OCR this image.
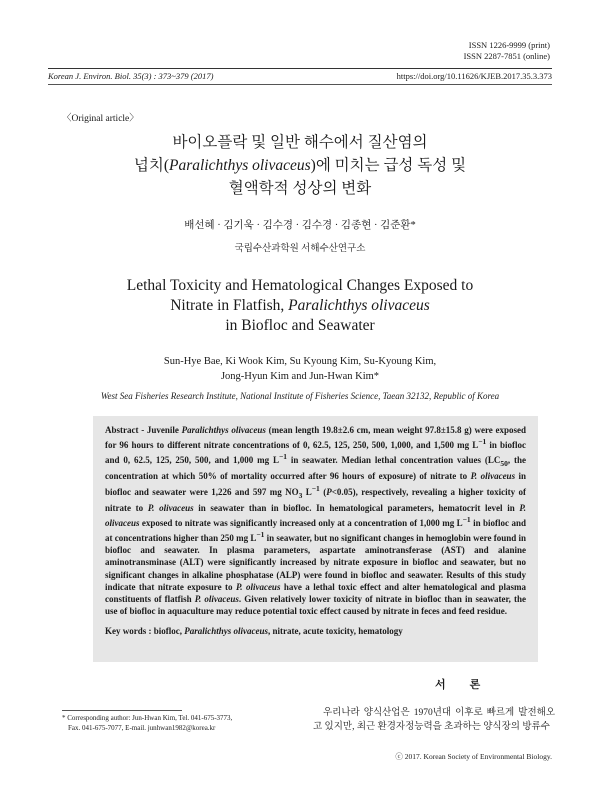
ISSN 1226-9999 (print)
ISSN 2287-7851 (online)
Korean J. Environ. Biol. 35(3) : 373~379 (2017)	https://doi.org/10.11626/KJEB.2017.35.3.373
〈Original article〉
바이오플락 및 일반 해수에서 질산염의
넙치(Paralichthys olivaceus)에 미치는 급성 독성 및
혈액학적 성상의 변화
배선혜 · 김기욱 · 김수경 · 김수경 · 김종현 · 김준환*
국립수산과학원 서해수산연구소
Lethal Toxicity and Hematological Changes Exposed to
Nitrate in Flatfish, Paralichthys olivaceus
in Biofloc and Seawater
Sun-Hye Bae, Ki Wook Kim, Su Kyoung Kim, Su-Kyoung Kim,
Jong-Hyun Kim and Jun-Hwan Kim*
West Sea Fisheries Research Institute, National Institute of Fisheries Science, Taean 32132, Republic of Korea

Abstract - Juvenile Paralichthys olivaceus (mean length 19.8±2.6 cm, mean weight 97.8±15.8 g) were exposed for 96 hours to different nitrate concentrations of 0, 62.5, 125, 250, 500, 1,000, and 1,500 mg $L^{-1}$ in biofloc and 0, 62.5, 125, 250, 500, and 1,000 mg $L^{-1}$ in seawater. Median lethal concentration values ($LC_{50}$, the concentration at which 50% of mortality occurred after 96 hours of exposure) of nitrate to P. olivaceus in biofloc and seawater were 1,226 and 597 mg $NO_3$ $L^{-1}$ (P<0.05), respectively, revealing a higher toxicity of nitrate to P. olivaceus in seawater than in biofloc. In hematological parameters, hematocrit level in P. olivaceus exposed to nitrate was significantly increased only at a concentration of 1,000 mg $L^{-1}$ in biofloc and at concentrations higher than 250 mg $L^{-1}$ in seawater, but no significant changes in hemoglobin were found in biofloc and seawater. In plasma parameters, aspartate aminotransferase (AST) and alanine aminotransminase (ALT) were significantly increased by nitrate exposure in biofloc and seawater, but no significant changes in alkaline phosphatase (ALP) were found in biofloc and seawater. Results of this study indicate that nitrate exposure to P. olivaceus have a lethal toxic effect and alter hematological and plasma constituents of flatfish P. olivaceus. Given relatively lower toxicity of nitrate in biofloc than in seawater, the use of biofloc in aquaculture may reduce potential toxic effect caused by nitrate in feces and feed residue.

Key words : biofloc, Paralichthys olivaceus, nitrate, acute toxicity, hematology
서론
* Corresponding author: Jun-Hwan Kim, Tel. 041-675-3773,
Fax. 041-675-7077, E-mail. junhwan1982@korea.kr
우리나라 양식산업은 1970년대 이후로 빠르게 발전해오고 있지만, 최근 환경자정능력을 초과하는 양식장의 방류수
ⓒ 2017. Korean Society of Environmental Biology.
